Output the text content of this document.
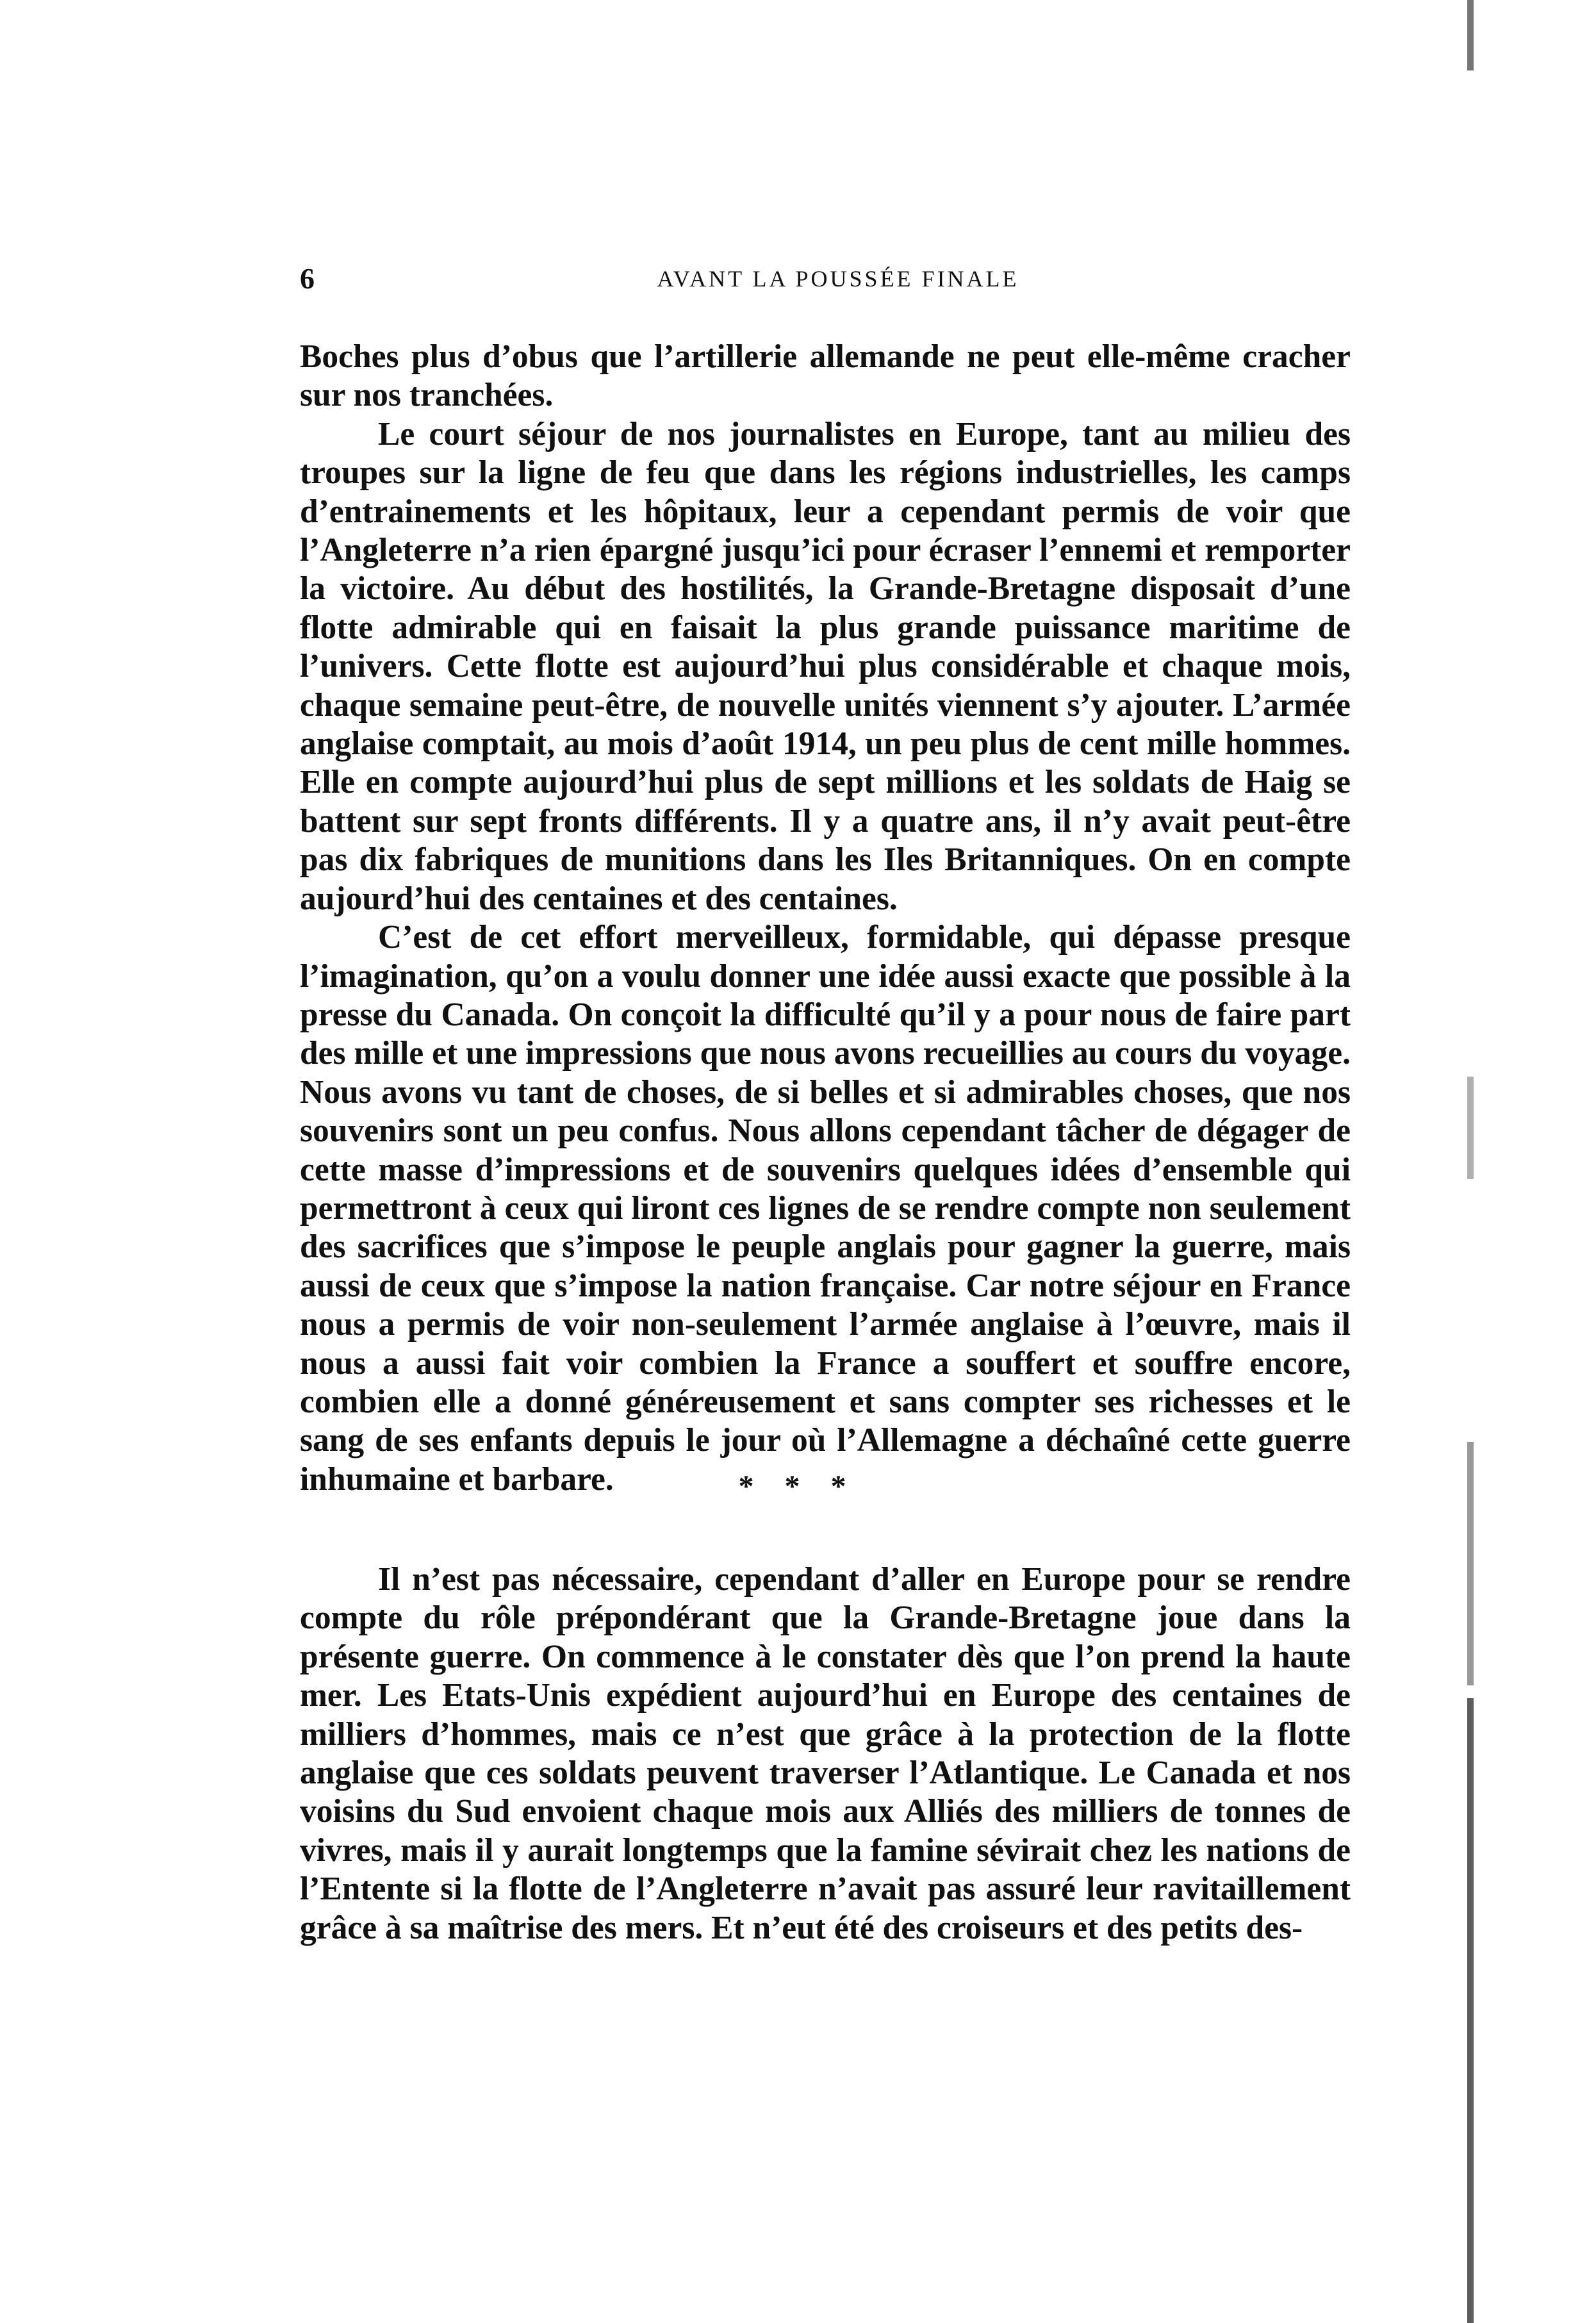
6	AVANT LA POUSSÉE FINALE

Boches plus d’obus que l’artillerie allemande ne peut elle-même cracher sur nos tranchées.

Le court séjour de nos journalistes en Europe, tant au milieu des troupes sur la ligne de feu que dans les régions industrielles, les camps d’entrainements et les hôpitaux, leur a cependant permis de voir que l’Angleterre n’a rien épargné jusqu’ici pour écraser l’ennemi et remporter la victoire. Au début des hostilités, la Grande-Bretagne disposait d’une flotte admirable qui en faisait la plus grande puissance maritime de l’univers. Cette flotte est aujourd’hui plus considérable et chaque mois, chaque semaine peut-être, de nouvelle unités viennent s’y ajouter. L’armée anglaise comptait, au mois d’août 1914, un peu plus de cent mille hommes. Elle en compte aujourd’hui plus de sept millions et les soldats de Haig se battent sur sept fronts différents. Il y a quatre ans, il n’y avait peut-être pas dix fabriques de munitions dans les Iles Britanniques. On en compte aujourd’hui des centaines et des centaines.

C’est de cet effort merveilleux, formidable, qui dépasse presque l’imagination, qu’on a voulu donner une idée aussi exacte que possible à la presse du Canada. On conçoit la difficulté qu’il y a pour nous de faire part des mille et une impressions que nous avons recueillies au cours du voyage. Nous avons vu tant de choses, de si belles et si admirables choses, que nos souvenirs sont un peu confus. Nous allons cependant tâcher de dégager de cette masse d’impressions et de souvenirs quelques idées d’ensemble qui permettront à ceux qui liront ces lignes de se rendre compte non seulement des sacrifices que s’impose le peuple anglais pour gagner la guerre, mais aussi de ceux que s’impose la nation française. Car notre séjour en France nous a permis de voir non-seulement l’armée anglaise à l’œuvre, mais il nous a aussi fait voir combien la France a souffert et souffre encore, combien elle a donné généreusement et sans compter ses richesses et le sang de ses enfants depuis le jour où l’Allemagne a déchaîné cette guerre inhumaine et barbare.	* * *

Il n’est pas nécessaire, cependant d’aller en Europe pour se rendre compte du rôle prépondérant que la Grande-Bretagne joue dans la présente guerre. On commence à le constater dès que l’on prend la haute mer. Les Etats-Unis expédient aujourd’hui en Europe des centaines de milliers d’hommes, mais ce n’est que grâce à la protection de la flotte anglaise que ces soldats peuvent traverser l’Atlantique. Le Canada et nos voisins du Sud envoient chaque mois aux Alliés des milliers de tonnes de vivres, mais il y aurait longtemps que la famine sévirait chez les nations de l’Entente si la flotte de l’Angleterre n’avait pas assuré leur ravitaillement grâce à sa maîtrise des mers. Et n’eut été des croiseurs et des petits des-
